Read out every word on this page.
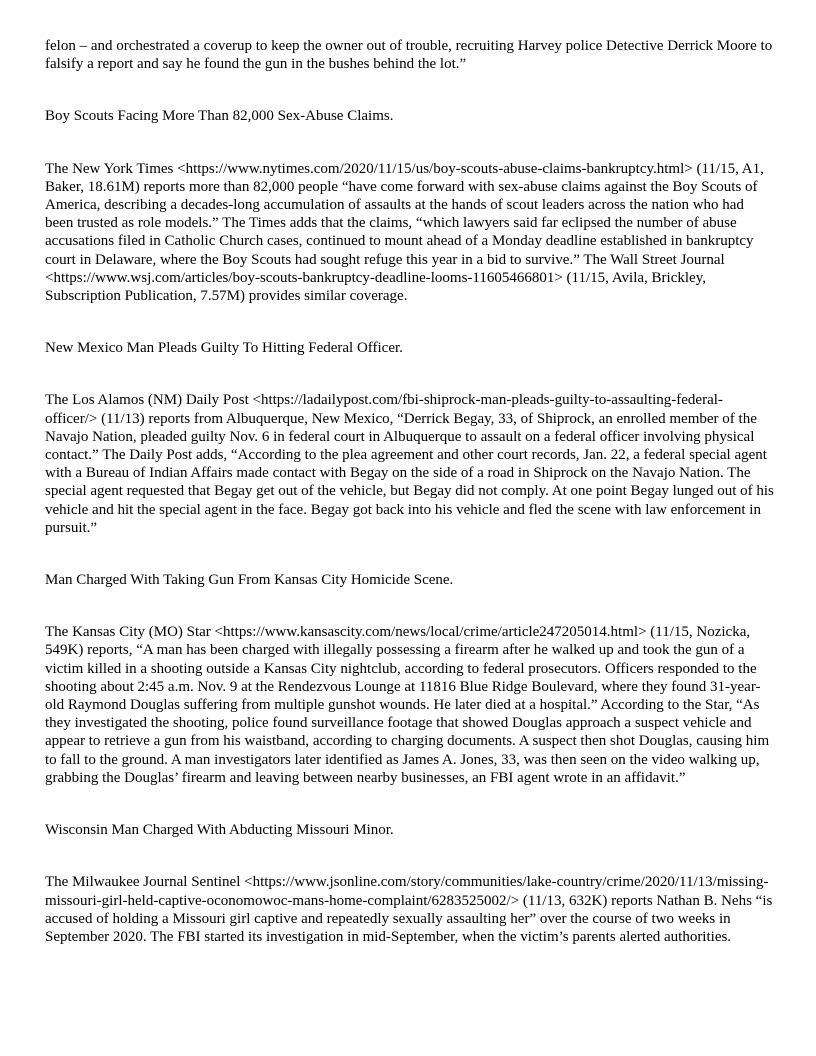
felon – and orchestrated a coverup to keep the owner out of trouble, recruiting Harvey police Detective Derrick Moore to falsify a report and say he found the gun in the bushes behind the lot.”

Boy Scouts Facing More Than 82,000 Sex-Abuse Claims.

The New York Times <https://www.nytimes.com/2020/11/15/us/boy-scouts-abuse-claims-bankruptcy.html> (11/15, A1, Baker, 18.61M) reports more than 82,000 people “have come forward with sex-abuse claims against the Boy Scouts of America, describing a decades-long accumulation of assaults at the hands of scout leaders across the nation who had been trusted as role models.” The Times adds that the claims, “which lawyers said far eclipsed the number of abuse accusations filed in Catholic Church cases, continued to mount ahead of a Monday deadline established in bankruptcy court in Delaware, where the Boy Scouts had sought refuge this year in a bid to survive.” The Wall Street Journal <https://www.wsj.com/articles/boy-scouts-bankruptcy-deadline-looms-11605466801> (11/15, Avila, Brickley, Subscription Publication, 7.57M) provides similar coverage.

New Mexico Man Pleads Guilty To Hitting Federal Officer.

The Los Alamos (NM) Daily Post <https://ladailypost.com/fbi-shiprock-man-pleads-guilty-to-assaulting-federal-officer/> (11/13) reports from Albuquerque, New Mexico, “Derrick Begay, 33, of Shiprock, an enrolled member of the Navajo Nation, pleaded guilty Nov. 6 in federal court in Albuquerque to assault on a federal officer involving physical contact.” The Daily Post adds, “According to the plea agreement and other court records, Jan. 22, a federal special agent with a Bureau of Indian Affairs made contact with Begay on the side of a road in Shiprock on the Navajo Nation. The special agent requested that Begay get out of the vehicle, but Begay did not comply. At one point Begay lunged out of his vehicle and hit the special agent in the face. Begay got back into his vehicle and fled the scene with law enforcement in pursuit.”

Man Charged With Taking Gun From Kansas City Homicide Scene.

The Kansas City (MO) Star <https://www.kansascity.com/news/local/crime/article247205014.html> (11/15, Nozicka, 549K) reports, “A man has been charged with illegally possessing a firearm after he walked up and took the gun of a victim killed in a shooting outside a Kansas City nightclub, according to federal prosecutors. Officers responded to the shooting about 2:45 a.m. Nov. 9 at the Rendezvous Lounge at 11816 Blue Ridge Boulevard, where they found 31-year-old Raymond Douglas suffering from multiple gunshot wounds. He later died at a hospital.” According to the Star, “As they investigated the shooting, police found surveillance footage that showed Douglas approach a suspect vehicle and appear to retrieve a gun from his waistband, according to charging documents. A suspect then shot Douglas, causing him to fall to the ground. A man investigators later identified as James A. Jones, 33, was then seen on the video walking up, grabbing the Douglas’ firearm and leaving between nearby businesses, an FBI agent wrote in an affidavit.”

Wisconsin Man Charged With Abducting Missouri Minor.

The Milwaukee Journal Sentinel <https://www.jsonline.com/story/communities/lake-country/crime/2020/11/13/missing-missouri-girl-held-captive-oconomowoc-mans-home-complaint/6283525002/> (11/13, 632K) reports Nathan B. Nehs “is accused of holding a Missouri girl captive and repeatedly sexually assaulting her” over the course of two weeks in September 2020. The FBI started its investigation in mid-September, when the victim’s parents alerted authorities.
